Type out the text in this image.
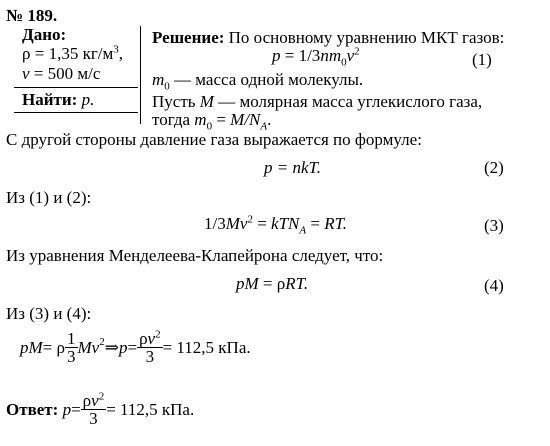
№ 189.
Дано:
ρ = 1,35 $кг/м^3$,
v = 500 м/с
Найти: p.
Решение: По основному уравнению МКТ газов:
$p = 1/3nm_0v^2$	(1)
$m_0$ — масса одной молекулы.
Пусть M — молярная масса углекислого газа,
тогда $m_0 = M/N_A$.
С другой стороны давление газа выражается по формуле:
p = nkT.	(2)
Из (1) и (2):
$1/3Mv^2 = kTN_A$ = RT.	(3)
Из уравнения Менделеева-Клапейрона следует, что:
pM = ρRT.	(4)
Из (3) и (4):
pM = ρ $\frac{1}{3}$ Mv 2 ⇒ $p = \frac{\rho v^2}{3} = 112,5$ кПа.
Ответ:
$p = \frac{\rho v^2}{3} = 112,5$ кПа.
